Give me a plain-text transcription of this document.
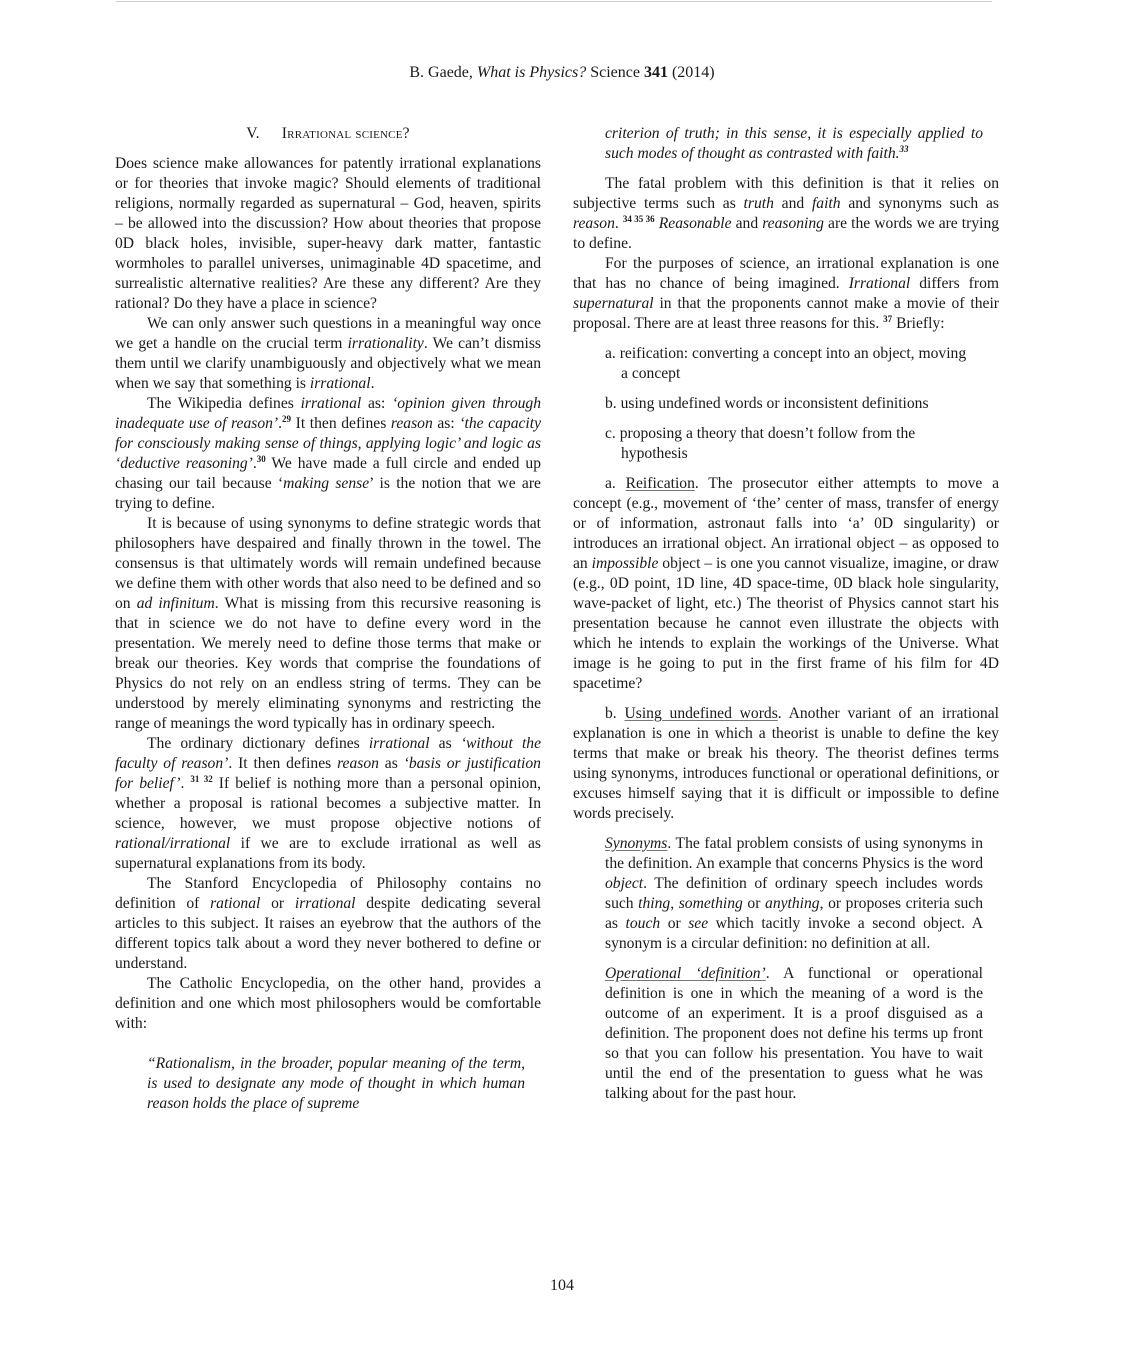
B. Gaede, What is Physics? Science 341 (2014)
V. Irrational science?

Does science make allowances for patently irrational explanations or for theories that invoke magic? Should elements of traditional religions, normally regarded as supernatural – God, heaven, spirits – be allowed into the discussion? How about theories that propose 0D black holes, invisible, super-heavy dark matter, fantastic wormholes to parallel universes, unimaginable 4D spacetime, and surrealistic alternative realities? Are these any different? Are they rational? Do they have a place in science?

We can only answer such questions in a meaningful way once we get a handle on the crucial term irrationality. We can’t dismiss them until we clarify unambiguously and objectively what we mean when we say that something is irrational.

The Wikipedia defines irrational as: ‘opinion given through inadequate use of reason’.$^{29}$ It then defines reason as: ‘the capacity for consciously making sense of things, applying logic’ and logic as ‘deductive reasoning’.$^{30}$ We have made a full circle and ended up chasing our tail because ‘making sense’ is the notion that we are trying to define.

It is because of using synonyms to define strategic words that philosophers have despaired and finally thrown in the towel. The consensus is that ultimately words will remain undefined because we define them with other words that also need to be defined and so on ad infinitum. What is missing from this recursive reasoning is that in science we do not have to define every word in the presentation. We merely need to define those terms that make or break our theories. Key words that comprise the foundations of Physics do not rely on an endless string of terms. They can be understood by merely eliminating synonyms and restricting the range of meanings the word typically has in ordinary speech.

The ordinary dictionary defines irrational as ‘without the faculty of reason’. It then defines reason as ‘basis or justification for belief’. $^{31 32}$ If belief is nothing more than a personal opinion, whether a proposal is rational becomes a subjective matter. In science, however, we must propose objective notions of rational/irrational if we are to exclude irrational as well as supernatural explanations from its body.

The Stanford Encyclopedia of Philosophy contains no definition of rational or irrational despite dedicating several articles to this subject. It raises an eyebrow that the authors of the different topics talk about a word they never bothered to define or understand.

The Catholic Encyclopedia, on the other hand, provides a definition and one which most philosophers would be comfortable with:

“Rationalism, in the broader, popular meaning of the term, is used to designate any mode of thought in which human reason holds the place of supreme

criterion of truth; in this sense, it is especially applied to such modes of thought as contrasted with faith.$^{33}$

The fatal problem with this definition is that it relies on subjective terms such as truth and faith and synonyms such as reason. $^{34 35 36}$ Reasonable and reasoning are the words we are trying to define.

For the purposes of science, an irrational explanation is one that has no chance of being imagined. Irrational differs from supernatural in that the proponents cannot make a movie of their proposal. There are at least three reasons for this. $^{37}$ Briefly:

a. reification: converting a concept into an object, moving a concept

b. using undefined words or inconsistent definitions

c. proposing a theory that doesn’t follow from the hypothesis

a. Reification. The prosecutor either attempts to move a concept (e.g., movement of ‘the’ center of mass, transfer of energy or of information, astronaut falls into ‘a’ 0D singularity) or introduces an irrational object. An irrational object – as opposed to an impossible object – is one you cannot visualize, imagine, or draw (e.g., 0D point, 1D line, 4D space-time, 0D black hole singularity, wave-packet of light, etc.) The theorist of Physics cannot start his presentation because he cannot even illustrate the objects with which he intends to explain the workings of the Universe. What image is he going to put in the first frame of his film for 4D spacetime?

b. Using undefined words. Another variant of an irrational explanation is one in which a theorist is unable to define the key terms that make or break his theory. The theorist defines terms using synonyms, introduces functional or operational definitions, or excuses himself saying that it is difficult or impossible to define words precisely.

Synonyms. The fatal problem consists of using synonyms in the definition. An example that concerns Physics is the word object. The definition of ordinary speech includes words such thing, something or anything, or proposes criteria such as touch or see which tacitly invoke a second object. A synonym is a circular definition: no definition at all.

Operational ‘definition’. A functional or operational definition is one in which the meaning of a word is the outcome of an experiment. It is a proof disguised as a definition. The proponent does not define his terms up front so that you can follow his presentation. You have to wait until the end of the presentation to guess what he was talking about for the past hour.

104
